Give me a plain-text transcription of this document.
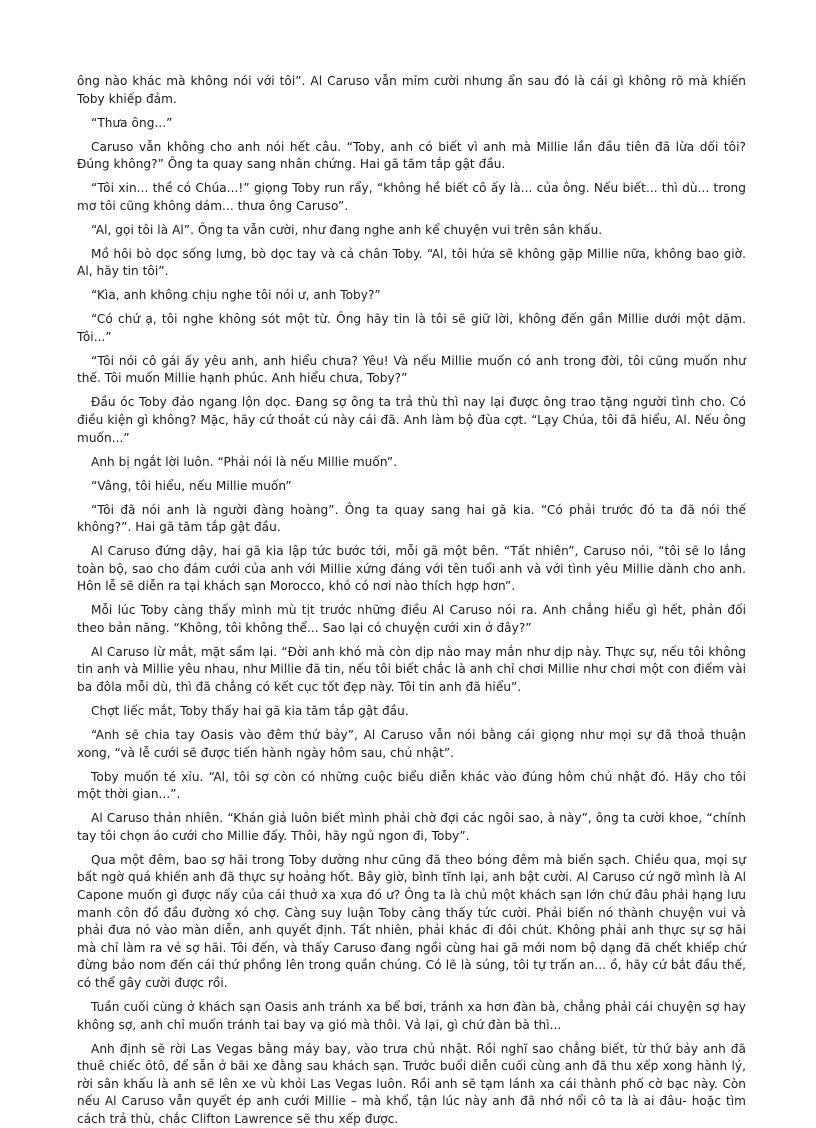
ông nào khác mà không nói với tôi”. Al Caruso vẫn mỉm cười nhưng ẩn sau đó là cái gì không rõ mà khiến Toby khiếp đảm.

“Thưa ông...”

Caruso vẫn không cho anh nói hết câu. “Toby, anh có biết vì anh mà Millie lần đầu tiên đã lừa dối tôi? Đúng không?” Ông ta quay sang nhân chứng. Hai gã tăm tắp gật đầu.

“Tôi xin... thề có Chúa...!” giọng Toby run rẩy, “không hề biết cô ấy là... của ông. Nếu biết... thì dù... trong mơ tôi cũng không dám... thưa ông Caruso”.

“Al, gọi tôi là Al”. Ông ta vẫn cười, như đang nghe anh kể chuyện vui trên sân khấu.

Mồ hôi bò dọc sống lưng, bò dọc tay và cả chân Toby. “Al, tôi hứa sẽ không gặp Millie nữa, không bao giờ. Al, hãy tin tôi”.

“Kìa, anh không chịu nghe tôi nói ư, anh Toby?”

“Có chứ ạ, tôi nghe không sót một từ. Ông hãy tin là tôi sẽ giữ lời, không đến gần Millie dưới một dặm. Tôi...”

“Tôi nói cô gái ấy yêu anh, anh hiểu chưa? Yêu! Và nếu Millie muốn có anh trong đời, tôi cũng muốn như thế. Tôi muốn Millie hạnh phúc. Anh hiểu chưa, Toby?”

Đầu óc Toby đảo ngang lộn dọc. Đang sợ ông ta trả thù thì nay lại được ông trao tặng người tình cho. Có điều kiện gì không? Mặc, hãy cứ thoát cú này cái đã. Anh làm bộ đùa cợt. “Lạy Chúa, tôi đã hiểu, Al. Nếu ông muốn...”

Anh bị ngắt lời luôn. “Phải nói là nếu Millie muốn”.

“Vâng, tôi hiểu, nếu Millie muốn”

“Tôi đã nói anh là người đàng hoàng”. Ông ta quay sang hai gã kia. “Có phải trước đó ta đã nói thế không?”. Hai gã tăm tắp gật đầu.

Al Caruso đứng dậy, hai gã kia lập tức bước tới, mỗi gã một bên. “Tất nhiên”, Caruso nói, “tôi sẽ lo lắng toàn bộ, sao cho đám cưới của anh với Millie xứng đáng với tên tuổi anh và với tình yêu Millie dành cho anh. Hôn lễ sẽ diễn ra tại khách sạn Morocco, khó có nơi nào thích hợp hơn”.

Mỗi lúc Toby càng thấy mình mù tịt trước những điều Al Caruso nói ra. Anh chẳng hiểu gì hết, phản đối theo bản năng. “Không, tôi không thể... Sao lại có chuyện cưới xin ở đây?”

Al Caruso lừ mắt, mặt sầm lại. “Đời anh khó mà còn dịp nào may mắn như dịp này. Thực sự, nếu tôi không tin anh và Millie yêu nhau, như Millie đã tin, nếu tôi biết chắc là anh chỉ chơi Millie như chơi một con điếm vài ba đôla mỗi dù, thì đã chẳng có kết cục tốt đẹp này. Tôi tin anh đã hiểu”.

Chợt liếc mắt, Toby thấy hai gã kia tăm tắp gật đầu.

“Anh sẽ chia tay Oasis vào đêm thứ bảy”, Al Caruso vẫn nói bằng cái giọng như mọi sự đã thoả thuận xong, “và lễ cưới sẽ được tiến hành ngày hôm sau, chủ nhật”.

Toby muốn té xỉu. “Al, tôi sợ còn có những cuộc biểu diễn khác vào đúng hôm chủ nhật đó. Hãy cho tôi một thời gian...”.

Al Caruso thản nhiên. “Khán giả luôn biết mình phải chờ đợi các ngôi sao, à này”, ông ta cười khoe, “chính tay tôi chọn áo cưới cho Millie đấy. Thôi, hãy ngủ ngon đi, Toby”.

Qua một đêm, bao sợ hãi trong Toby dường như cũng đã theo bóng đêm mà biến sạch. Chiều qua, mọi sự bất ngờ quá khiến anh đã thực sự hoảng hốt. Bây giờ, bình tĩnh lại, anh bật cười. Al Caruso cứ ngỡ mình là Al Capone muốn gì được nấy của cái thuở xa xưa đó ư? Ông ta là chủ một khách sạn lớn chứ đâu phải hạng lưu manh côn đồ đầu đường xó chợ. Càng suy luận Toby càng thấy tức cười. Phải biến nó thành chuyện vui và phải đưa nó vào màn diễn, anh quyết định. Tất nhiên, phải khác đi đôi chút. Không phải anh thực sự sợ hãi mà chỉ làm ra vẻ sợ hãi. Tôi đến, và thấy Caruso đang ngồi cùng hai gã mới nom bộ dạng đã chết khiếp chứ đừng bảo nom đến cái thứ phồng lên trong quần chúng. Có lẽ là súng, tôi tự trấn an... ồ, hãy cứ bắt đầu thế, có thể gây cười được rồi.

Tuần cuối cùng ở khách sạn Oasis anh tránh xa bể bơi, tránh xa hơn đàn bà, chẳng phải cái chuyện sợ hay không sợ, anh chỉ muốn tránh tai bay vạ gió mà thôi. Vả lại, gì chứ đàn bà thì...

Anh định sẽ rời Las Vegas bằng máy bay, vào trưa chủ nhật. Rồi nghĩ sao chẳng biết, từ thứ bảy anh đã thuê chiếc ôtô, để sẵn ở bãi xe đằng sau khách sạn. Trước buổi diễn cuối cùng anh đã thu xếp xong hành lý, rời sân khấu là anh sẽ lên xe vù khỏi Las Vegas luôn. Rồi anh sẽ tạm lánh xa cái thành phố cờ bạc này. Còn nếu Al Caruso vẫn quyết ép anh cưới Millie – mà khổ, tận lúc này anh đã nhớ nổi cô ta là ai đâu- hoặc tìm cách trả thù, chắc Clifton Lawrence sẽ thu xếp được.
